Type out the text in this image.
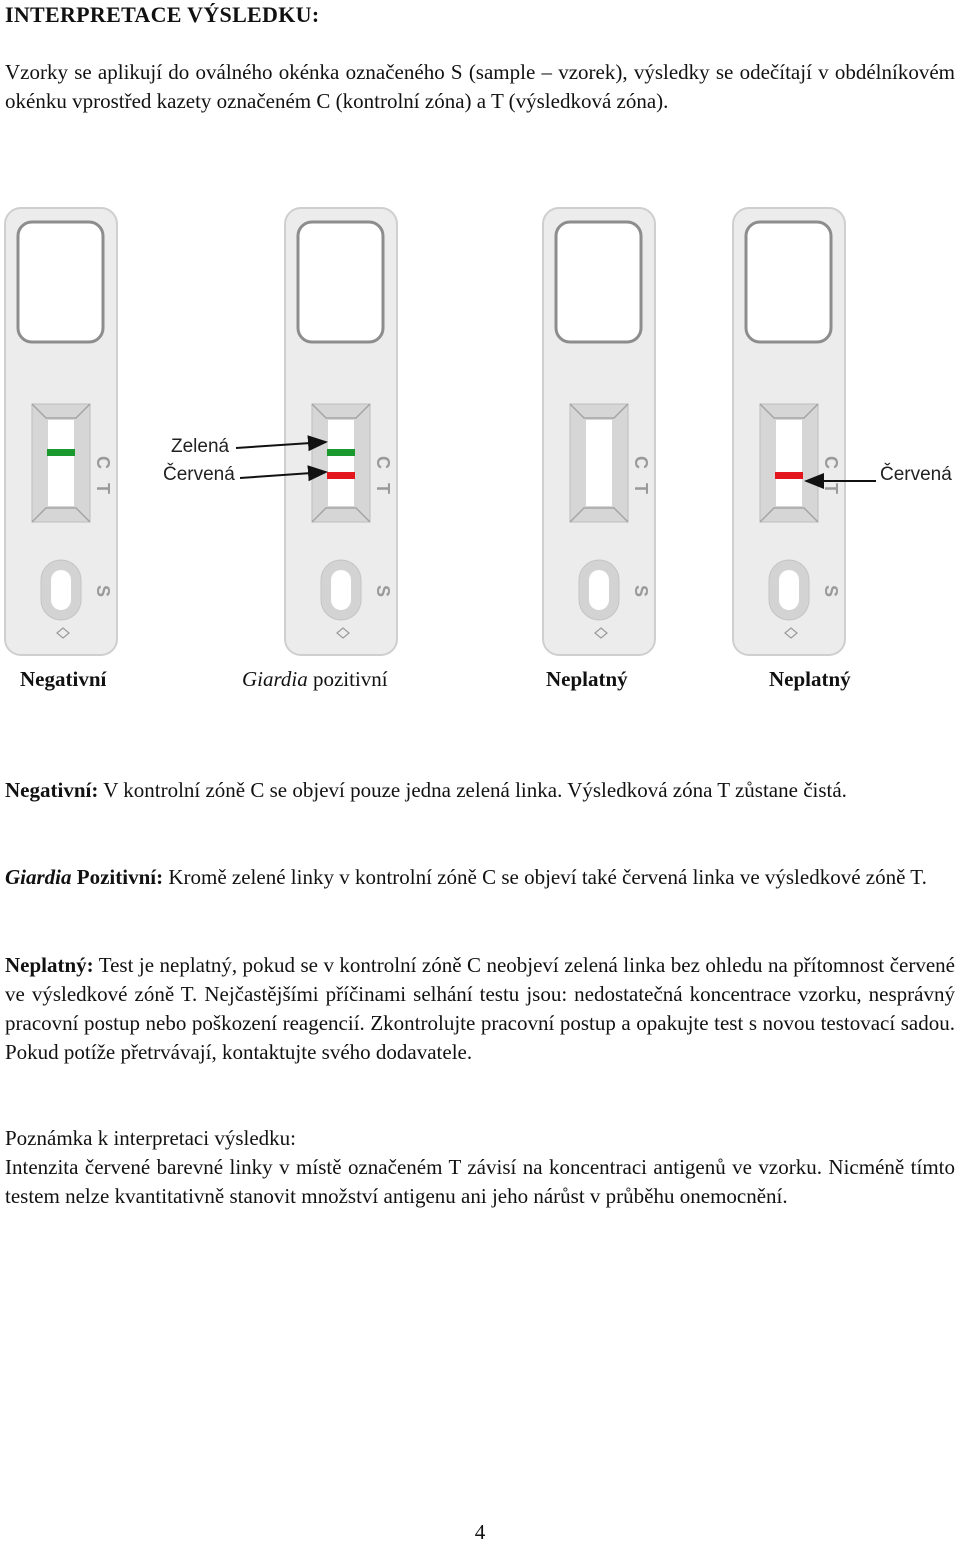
INTERPRETACE VÝSLEDKU:
Vzorky se aplikují do oválného okénka označeného S (sample – vzorek), výsledky se odečítají v obdélníkovém okénku vprostřed kazety označeném C (kontrolní zóna) a T (výsledková zóna).
C
T
S
C
T
S
C
T
S
C
T
S
Zelená
Červená	Červená
Negativní	Giardia pozitivní	Neplatný	Neplatný
Negativní: V kontrolní zóně C se objeví pouze jedna zelená linka. Výsledková zóna T zůstane čistá.
Giardia Pozitivní: Kromě zelené linky v kontrolní zóně C se objeví také červená linka ve výsledkové zóně T.
Neplatný: Test je neplatný, pokud se v kontrolní zóně C neobjeví zelená linka bez ohledu na přítomnost červené ve výsledkové zóně T. Nejčastějšími příčinami selhání testu jsou: nedostatečná koncentrace vzorku, nesprávný pracovní postup nebo poškození reagencií. Zkontrolujte pracovní postup a opakujte test s novou testovací sadou. Pokud potíže přetrvávají, kontaktujte svého dodavatele.
Poznámka k interpretaci výsledku:
Intenzita červené barevné linky v místě označeném T závisí na koncentraci antigenů ve vzorku. Nicméně tímto testem nelze kvantitativně stanovit množství antigenu ani jeho nárůst v průběhu onemocnění.
4
